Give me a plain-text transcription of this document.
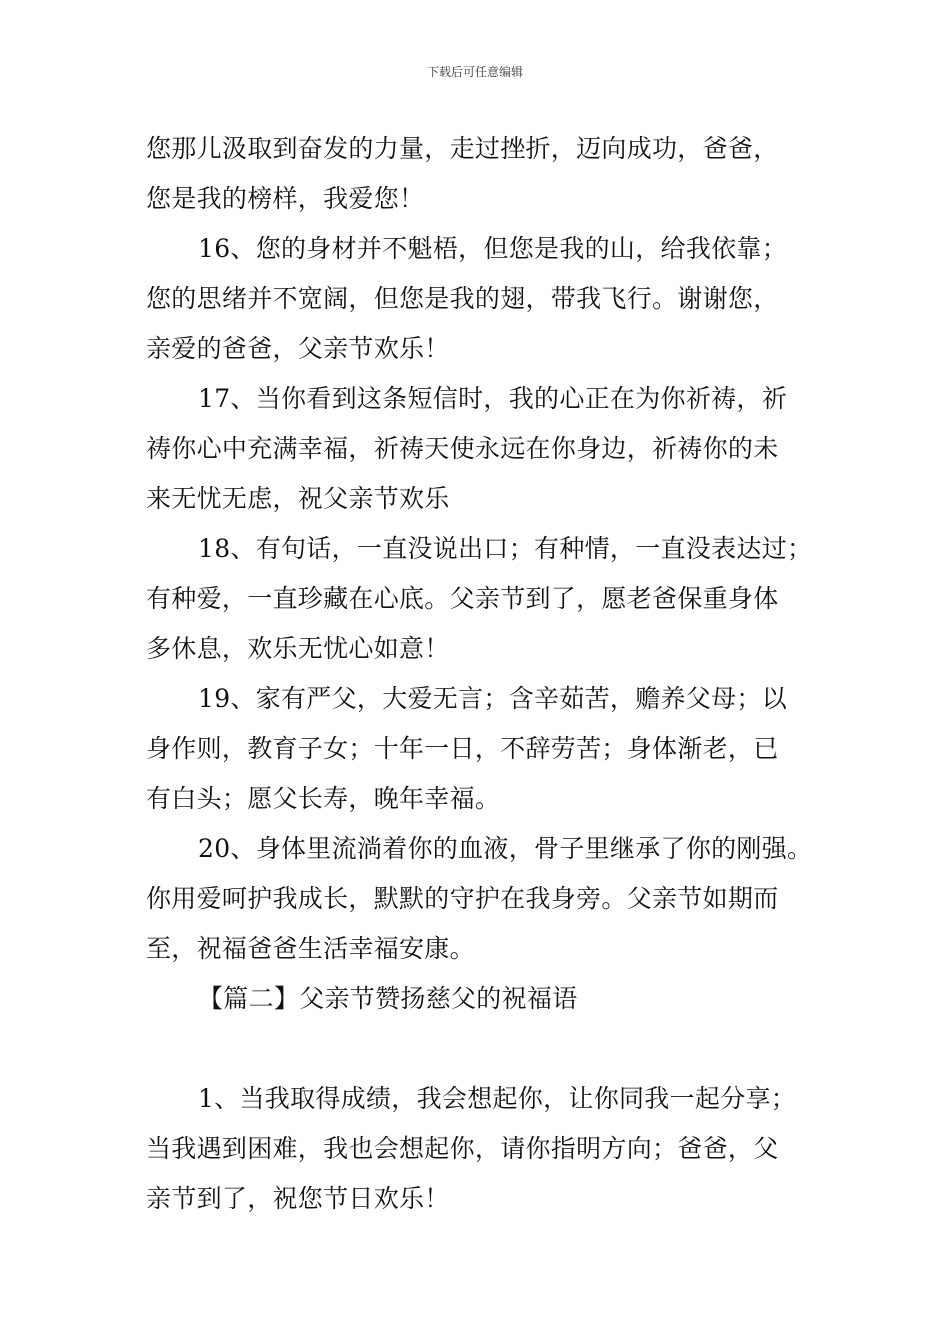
下载后可任意编辑
您那儿汲取到奋发的力量，走过挫折，迈向成功，爸爸，
您是我的榜样，我爱您！
16、您的身材并不魁梧，但您是我的山，给我依靠；
您的思绪并不宽阔，但您是我的翅，带我飞行。谢谢您，
亲爱的爸爸，父亲节欢乐！
17、当你看到这条短信时，我的心正在为你祈祷，祈
祷你心中充满幸福，祈祷天使永远在你身边，祈祷你的未
来无忧无虑，祝父亲节欢乐
18、有句话，一直没说出口；有种情，一直没表达过；
有种爱，一直珍藏在心底。父亲节到了，愿老爸保重身体
多休息，欢乐无忧心如意！
19、家有严父，大爱无言；含辛茹苦，赡养父母；以
身作则，教育子女；十年一日，不辞劳苦；身体渐老，已
有白头；愿父长寿，晚年幸福。
20、身体里流淌着你的血液，骨子里继承了你的刚强。
你用爱呵护我成长，默默的守护在我身旁。父亲节如期而
至，祝福爸爸生活幸福安康。
【篇二】父亲节赞扬慈父的祝福语
1、当我取得成绩，我会想起你，让你同我一起分享；
当我遇到困难，我也会想起你，请你指明方向；爸爸，父
亲节到了，祝您节日欢乐！
